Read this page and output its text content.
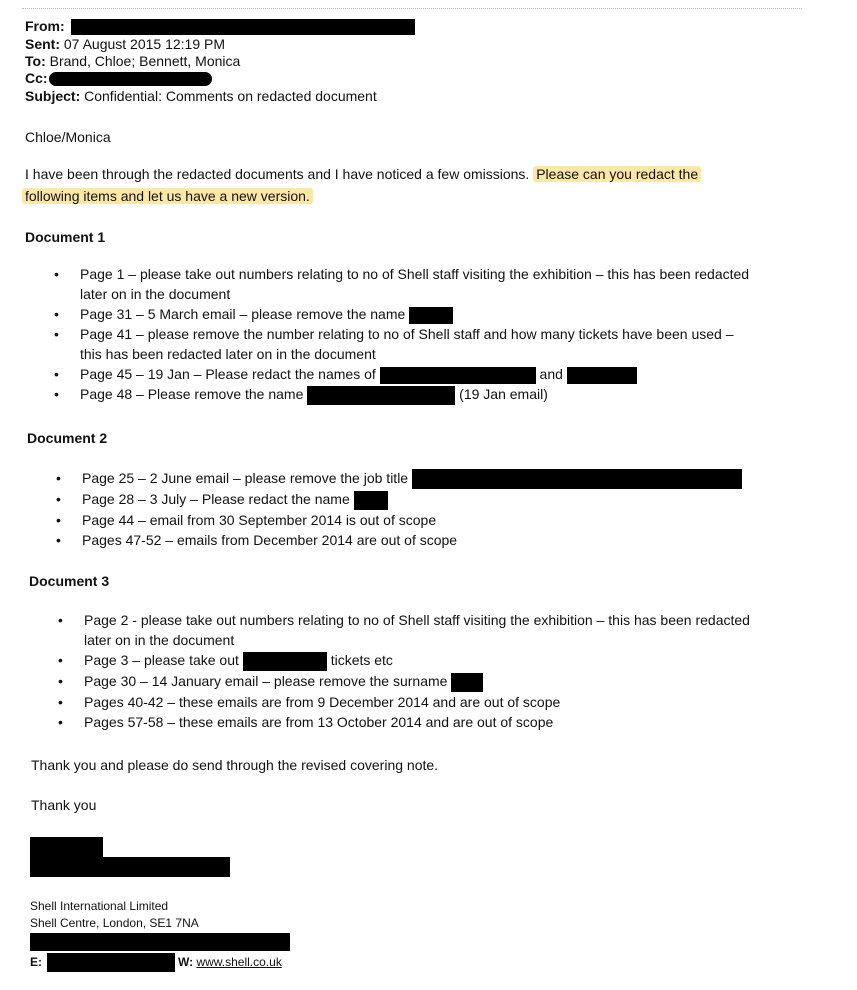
From:
Sent: 07 August 2015 12:19 PM
To: Brand, Chloe; Bennett, Monica
Cc:
Subject: Confidential: Comments on redacted document
Chloe/Monica
I have been through the redacted documents and I have noticed a few omissions. Please can you redact the
following items and let us have a new version.
Document 1
• Page 1 – please take out numbers relating to no of Shell staff visiting the exhibition – this has been redacted
later on in the document
• Page 31 – 5 March email – please remove the name
• Page 41 – please remove the number relating to no of Shell staff and how many tickets have been used –
this has been redacted later on in the document
• Page 45 – 19 Jan – Please redact the names of	and
• Page 48 – Please remove the name	(19 Jan email)
Document 2
• Page 25 – 2 June email – please remove the job title
• Page 28 – 3 July – Please redact the name
• Page 44 – email from 30 September 2014 is out of scope
• Pages 47-52 – emails from December 2014 are out of scope
Document 3
• Page 2 - please take out numbers relating to no of Shell staff visiting the exhibition – this has been redacted
later on in the document
• Page 3 – please take out	tickets etc
• Page 30 – 14 January email – please remove the surname
• Pages 40-42 – these emails are from 9 December 2014 and are out of scope
• Pages 57-58 – these emails are from 13 October 2014 and are out of scope
Thank you and please do send through the revised covering note.
Thank you
Shell International Limited
Shell Centre, London, SE1 7NA
E:	W: www.shell.co.uk
